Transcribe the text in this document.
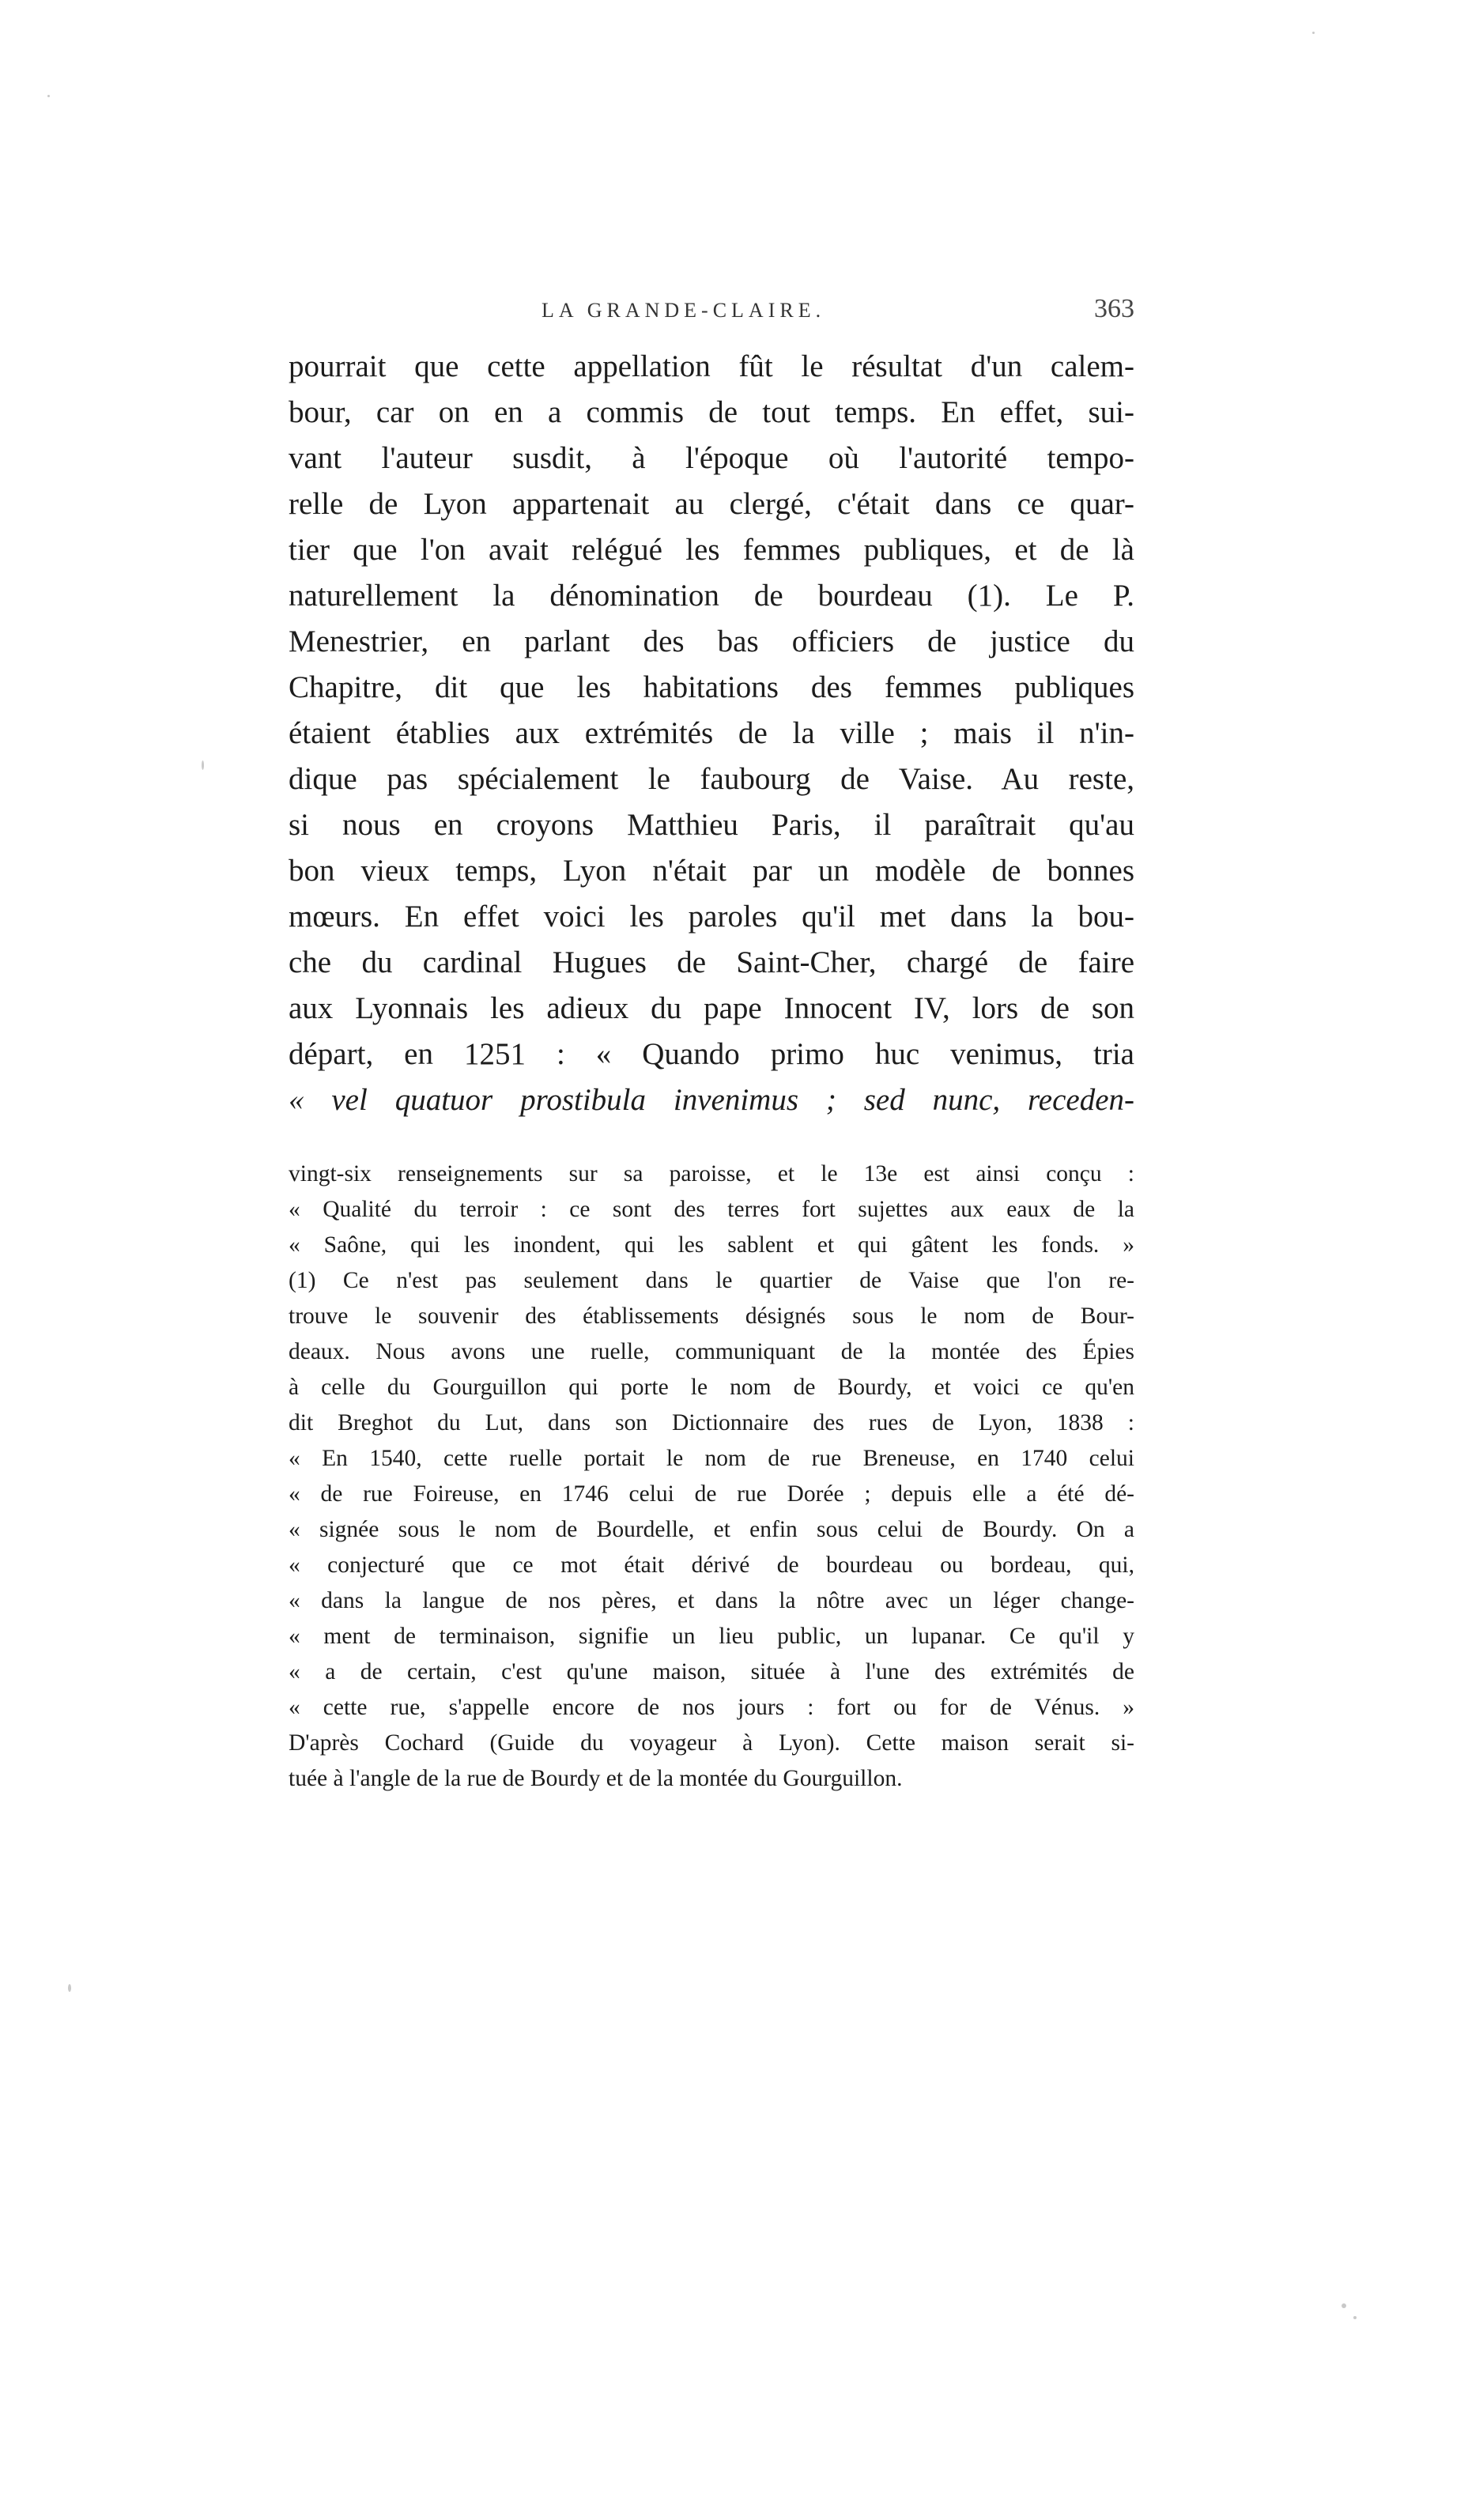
LA GRANDE-CLAIRE.	363
pourrait que cette appellation fût le résultat d'un calem-
bour, car on en a commis de tout temps. En effet, sui-
vant l'auteur susdit, à l'époque où l'autorité tempo-
relle de Lyon appartenait au clergé, c'était dans ce quar-
tier que l'on avait relégué les femmes publiques, et de là
naturellement la dénomination de bourdeau (1). Le P.
Menestrier, en parlant des bas officiers de justice du
Chapitre, dit que les habitations des femmes publiques
étaient établies aux extrémités de la ville ; mais il n'in-
dique pas spécialement le faubourg de Vaise. Au reste,
si nous en croyons Matthieu Paris, il paraîtrait qu'au
bon vieux temps, Lyon n'était par un modèle de bonnes
mœurs. En effet voici les paroles qu'il met dans la bou-
che du cardinal Hugues de Saint-Cher, chargé de faire
aux Lyonnais les adieux du pape Innocent IV, lors de son
départ, en 1251 : « Quando primo huc venimus, tria
« vel quatuor prostibula invenimus ; sed nunc, receden-
vingt-six renseignements sur sa paroisse, et le 13e est ainsi conçu :
« Qualité du terroir : ce sont des terres fort sujettes aux eaux de la
« Saône, qui les inondent, qui les sablent et qui gâtent les fonds. »
(1) Ce n'est pas seulement dans le quartier de Vaise que l'on re-
trouve le souvenir des établissements désignés sous le nom de Bour-
deaux. Nous avons une ruelle, communiquant de la montée des Épies
à celle du Gourguillon qui porte le nom de Bourdy, et voici ce qu'en
dit Breghot du Lut, dans son Dictionnaire des rues de Lyon, 1838 :
« En 1540, cette ruelle portait le nom de rue Breneuse, en 1740 celui
« de rue Foireuse, en 1746 celui de rue Dorée ; depuis elle a été dé-
« signée sous le nom de Bourdelle, et enfin sous celui de Bourdy. On a
« conjecturé que ce mot était dérivé de bourdeau ou bordeau, qui,
« dans la langue de nos pères, et dans la nôtre avec un léger change-
« ment de terminaison, signifie un lieu public, un lupanar. Ce qu'il y
« a de certain, c'est qu'une maison, située à l'une des extrémités de
« cette rue, s'appelle encore de nos jours : fort ou for de Vénus. »
D'après Cochard (Guide du voyageur à Lyon). Cette maison serait si-
tuée à l'angle de la rue de Bourdy et de la montée du Gourguillon.
